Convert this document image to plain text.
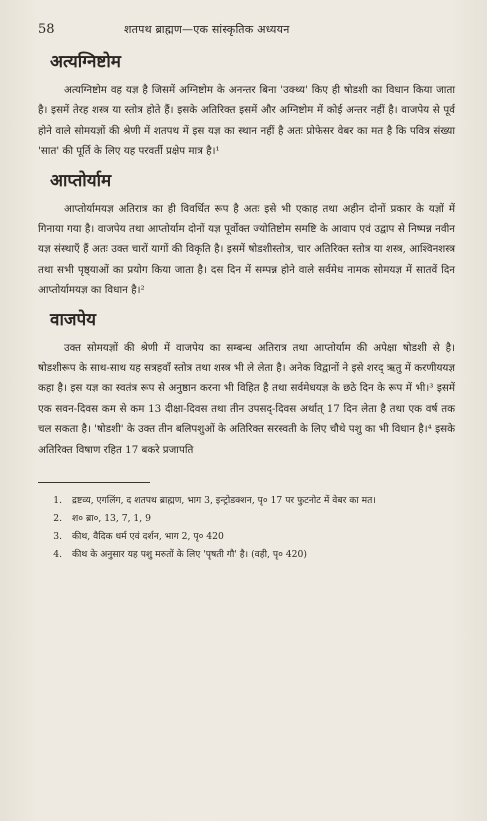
58	शतपथ ब्राह्मण—एक सांस्कृतिक अध्ययन
अत्यग्निष्टोम

अत्यग्निष्टोम वह यज्ञ है जिसमें अग्निष्टोम के अनन्तर बिना 'उक्थ्य' किए ही षोडशी का विधान किया जाता है। इसमें तेरह शस्त्र या स्तोत्र होते हैं। इसके अतिरिक्त इसमें और अग्निष्टोम में कोई अन्तर नहीं है। वाजपेय से पूर्व होने वाले सोमयज्ञों की श्रेणी में शतपथ में इस यज्ञ का स्थान नहीं है अतः प्रोफेसर वेबर का मत है कि पवित्र संख्या 'सात' की पूर्ति के लिए यह परवर्ती प्रक्षेप मात्र है।¹

आप्तोर्याम

आप्तोर्यामयज्ञ अतिरात्र का ही विवर्धित रूप है अतः इसे भी एकाह तथा अहीन दोनों प्रकार के यज्ञों में गिनाया गया है। वाजपेय तथा आप्तोर्याम दोनों यज्ञ पूर्वोक्त ज्योतिष्टोम समष्टि के आवाप एवं उद्वाप से निष्पन्न नवीन यज्ञ संस्थाएँ हैं अतः उक्त चारों यागों की विकृति है। इसमें षोडशीस्तोत्र, चार अतिरिक्त स्तोत्र या शस्त्र, आश्विनशस्त्र तथा सभी पृष्ठ्याओं का प्रयोग किया जाता है। दस दिन में सम्पन्न होने वाले सर्वमेध नामक सोमयज्ञ में सातवें दिन आप्तोर्यामयज्ञ का विधान है।²

वाजपेय

उक्त सोमयज्ञों की श्रेणी में वाजपेय का सम्बन्ध अतिरात्र तथा आप्तोर्याम की अपेक्षा षोडशी से है। षोडशीरूप के साथ-साथ यह सत्रहवाँ स्तोत्र तथा शस्त्र भी ले लेता है। अनेक विद्वानों ने इसे शरद् ऋतु में करणीययज्ञ कहा है। इस यज्ञ का स्वतंत्र रूप से अनुष्ठान करना भी विहित है तथा सर्वमेधयज्ञ के छठे दिन के रूप में भी।³ इसमें एक सवन-दिवस कम से कम 13 दीक्षा-दिवस तथा तीन उपसद्-दिवस अर्थात् 17 दिन लेता है तथा एक वर्ष तक चल सकता है। 'षोडशी' के उक्त तीन बलिपशुओं के अतिरिक्त सरस्वती के लिए चौथे पशु का भी विधान है।⁴ इसके अतिरिक्त विषाण रहित 17 बकरे प्रजापति

1.	द्रष्टव्य, एगलिंग, द शतपथ ब्राह्मण, भाग 3, इन्ट्रोडक्शन, पृ० 17 पर फुटनोट में वेबर का मत।
2.	श० ब्रा०, 13, 7, 1, 9
3.	कीथ, वैदिक धर्म एवं दर्शन, भाग 2, पृ० 420
4.	कीथ के अनुसार यह पशु मरुतों के लिए 'पृषती गौ' है। (वही, पृ० 420)
